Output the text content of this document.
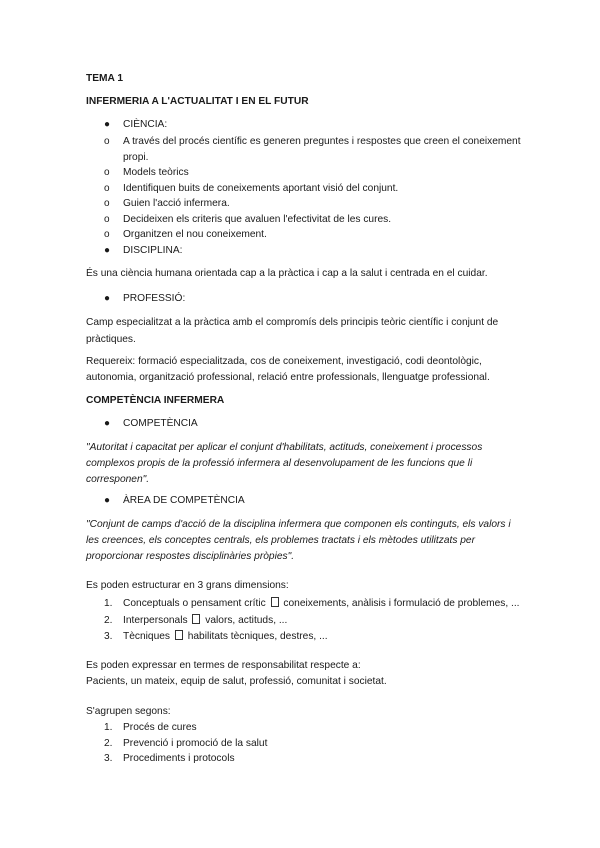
TEMA 1
INFERMERIA A L'ACTUALITAT I EN EL FUTUR
● CIÈNCIA:
o A través del procés científic es generen preguntes i respostes que creen el coneixement
propi.
o Models teòrics
o Identifiquen buits de coneixements aportant visió del conjunt.
o Guien l'acció infermera.
o Decideixen els criteris que avaluen l'efectivitat de les cures.
o Organitzen el nou coneixement.
● DISCIPLINA:
És una ciència humana orientada cap a la pràctica i cap a la salut i centrada en el cuidar.
● PROFESSIÓ:
Camp especialitzat a la pràctica amb el compromís dels principis teòric científic i conjunt de
pràctiques.
Requereix: formació especialitzada, cos de coneixement, investigació, codi deontològic,
autonomia, organització professional, relació entre professionals, llenguatge professional.
COMPETÈNCIA INFERMERA
● COMPETÈNCIA
"Autoritat i capacitat per aplicar el conjunt d'habilitats, actituds, coneixement i processos
complexos propis de la professió infermera al desenvolupament de les funcions que li
corresponen".
● ÀREA DE COMPETÈNCIA
"Conjunt de camps d'acció de la disciplina infermera que componen els continguts, els valors i
les creences, els conceptes centrals, els problemes tractats i els mètodes utilitzats per
proporcionar respostes disciplinàries pròpies".
Es poden estructurar en 3 grans dimensions:
1. Conceptuals o pensament crític coneixements, anàlisis i formulació de problemes, ...
2. Interpersonals valors, actituds, ...
3. Tècniques habilitats tècniques, destres, ...
Es poden expressar en termes de responsabilitat respecte a:
Pacients, un mateix, equip de salut, professió, comunitat i societat.
S'agrupen segons:
1. Procés de cures
2. Prevenció i promoció de la salut
3. Procediments i protocols
